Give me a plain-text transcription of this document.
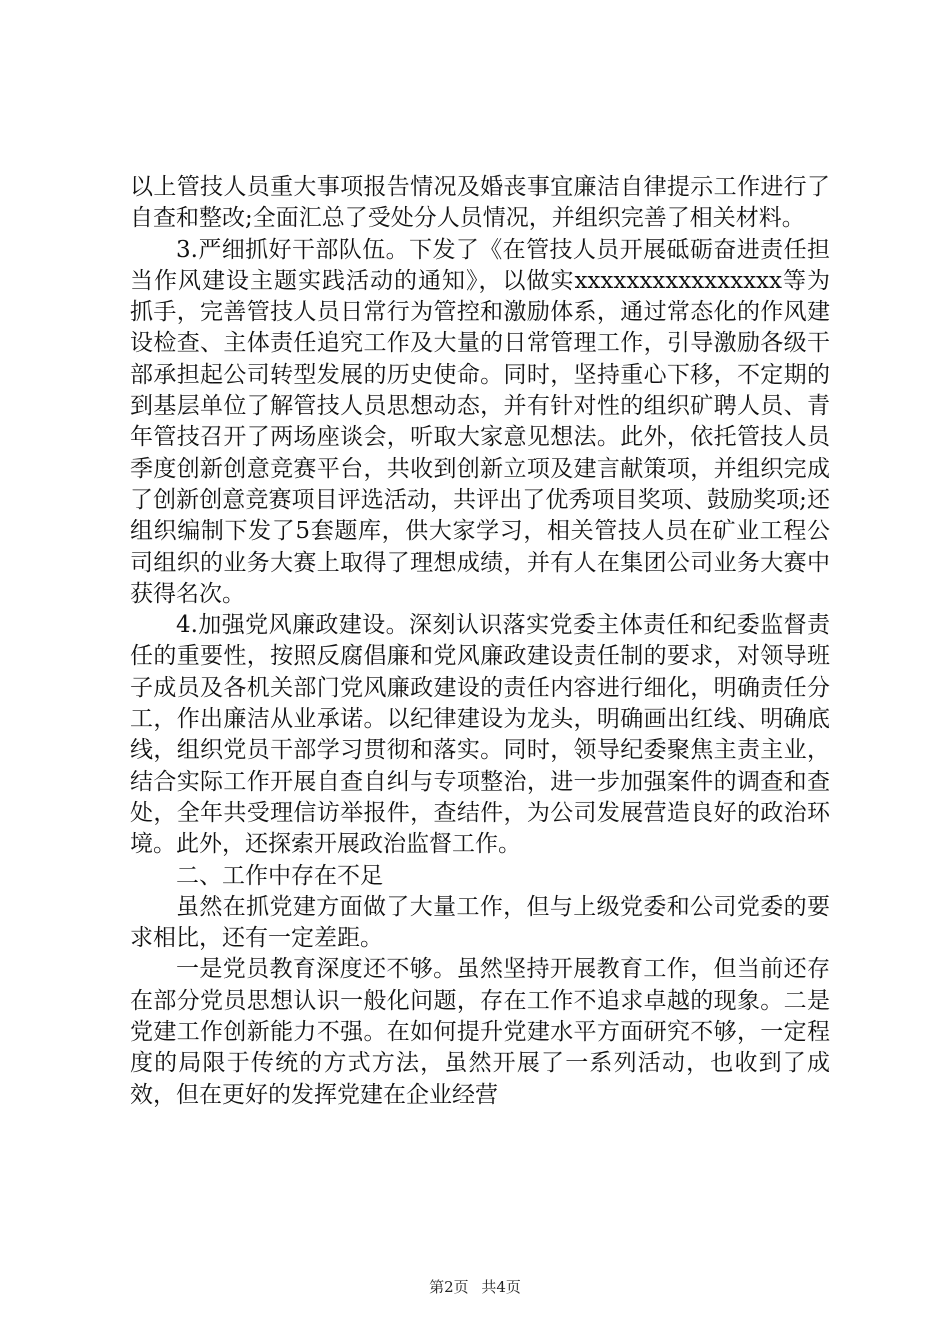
以上管技人员重大事项报告情况及婚丧事宜廉洁自律提示工作进行了自查和整改;全面汇总了受处分人员情况，并组织完善了相关材料。

3.严细抓好干部队伍。下发了《在管技人员开展砥砺奋进责任担当作风建设主题实践活动的通知》，以做实xxxxxxxxxxxxxxxx等为抓手，完善管技人员日常行为管控和激励体系，通过常态化的作风建设检查、主体责任追究工作及大量的日常管理工作，引导激励各级干部承担起公司转型发展的历史使命。同时，坚持重心下移，不定期的到基层单位了解管技人员思想动态，并有针对性的组织矿聘人员、青年管技召开了两场座谈会，听取大家意见想法。此外，依托管技人员季度创新创意竞赛平台，共收到创新立项及建言献策项，并组织完成了创新创意竞赛项目评选活动，共评出了优秀项目奖项、鼓励奖项;还组织编制下发了5套题库，供大家学习，相关管技人员在矿业工程公司组织的业务大赛上取得了理想成绩，并有人在集团公司业务大赛中获得名次。

4.加强党风廉政建设。深刻认识落实党委主体责任和纪委监督责任的重要性，按照反腐倡廉和党风廉政建设责任制的要求，对领导班子成员及各机关部门党风廉政建设的责任内容进行细化，明确责任分工，作出廉洁从业承诺。以纪律建设为龙头，明确画出红线、明确底线，组织党员干部学习贯彻和落实。同时，领导纪委聚焦主责主业，结合实际工作开展自查自纠与专项整治，进一步加强案件的调查和查处，全年共受理信访举报件，查结件，为公司发展营造良好的政治环境。此外，还探索开展政治监督工作。

二、工作中存在不足

虽然在抓党建方面做了大量工作，但与上级党委和公司党委的要求相比，还有一定差距。

一是党员教育深度还不够。虽然坚持开展教育工作，但当前还存在部分党员思想认识一般化问题，存在工作不追求卓越的现象。二是党建工作创新能力不强。在如何提升党建水平方面研究不够，一定程度的局限于传统的方式方法，虽然开展了一系列活动，也收到了成效，但在更好的发挥党建在企业经营

第2页 共4页
